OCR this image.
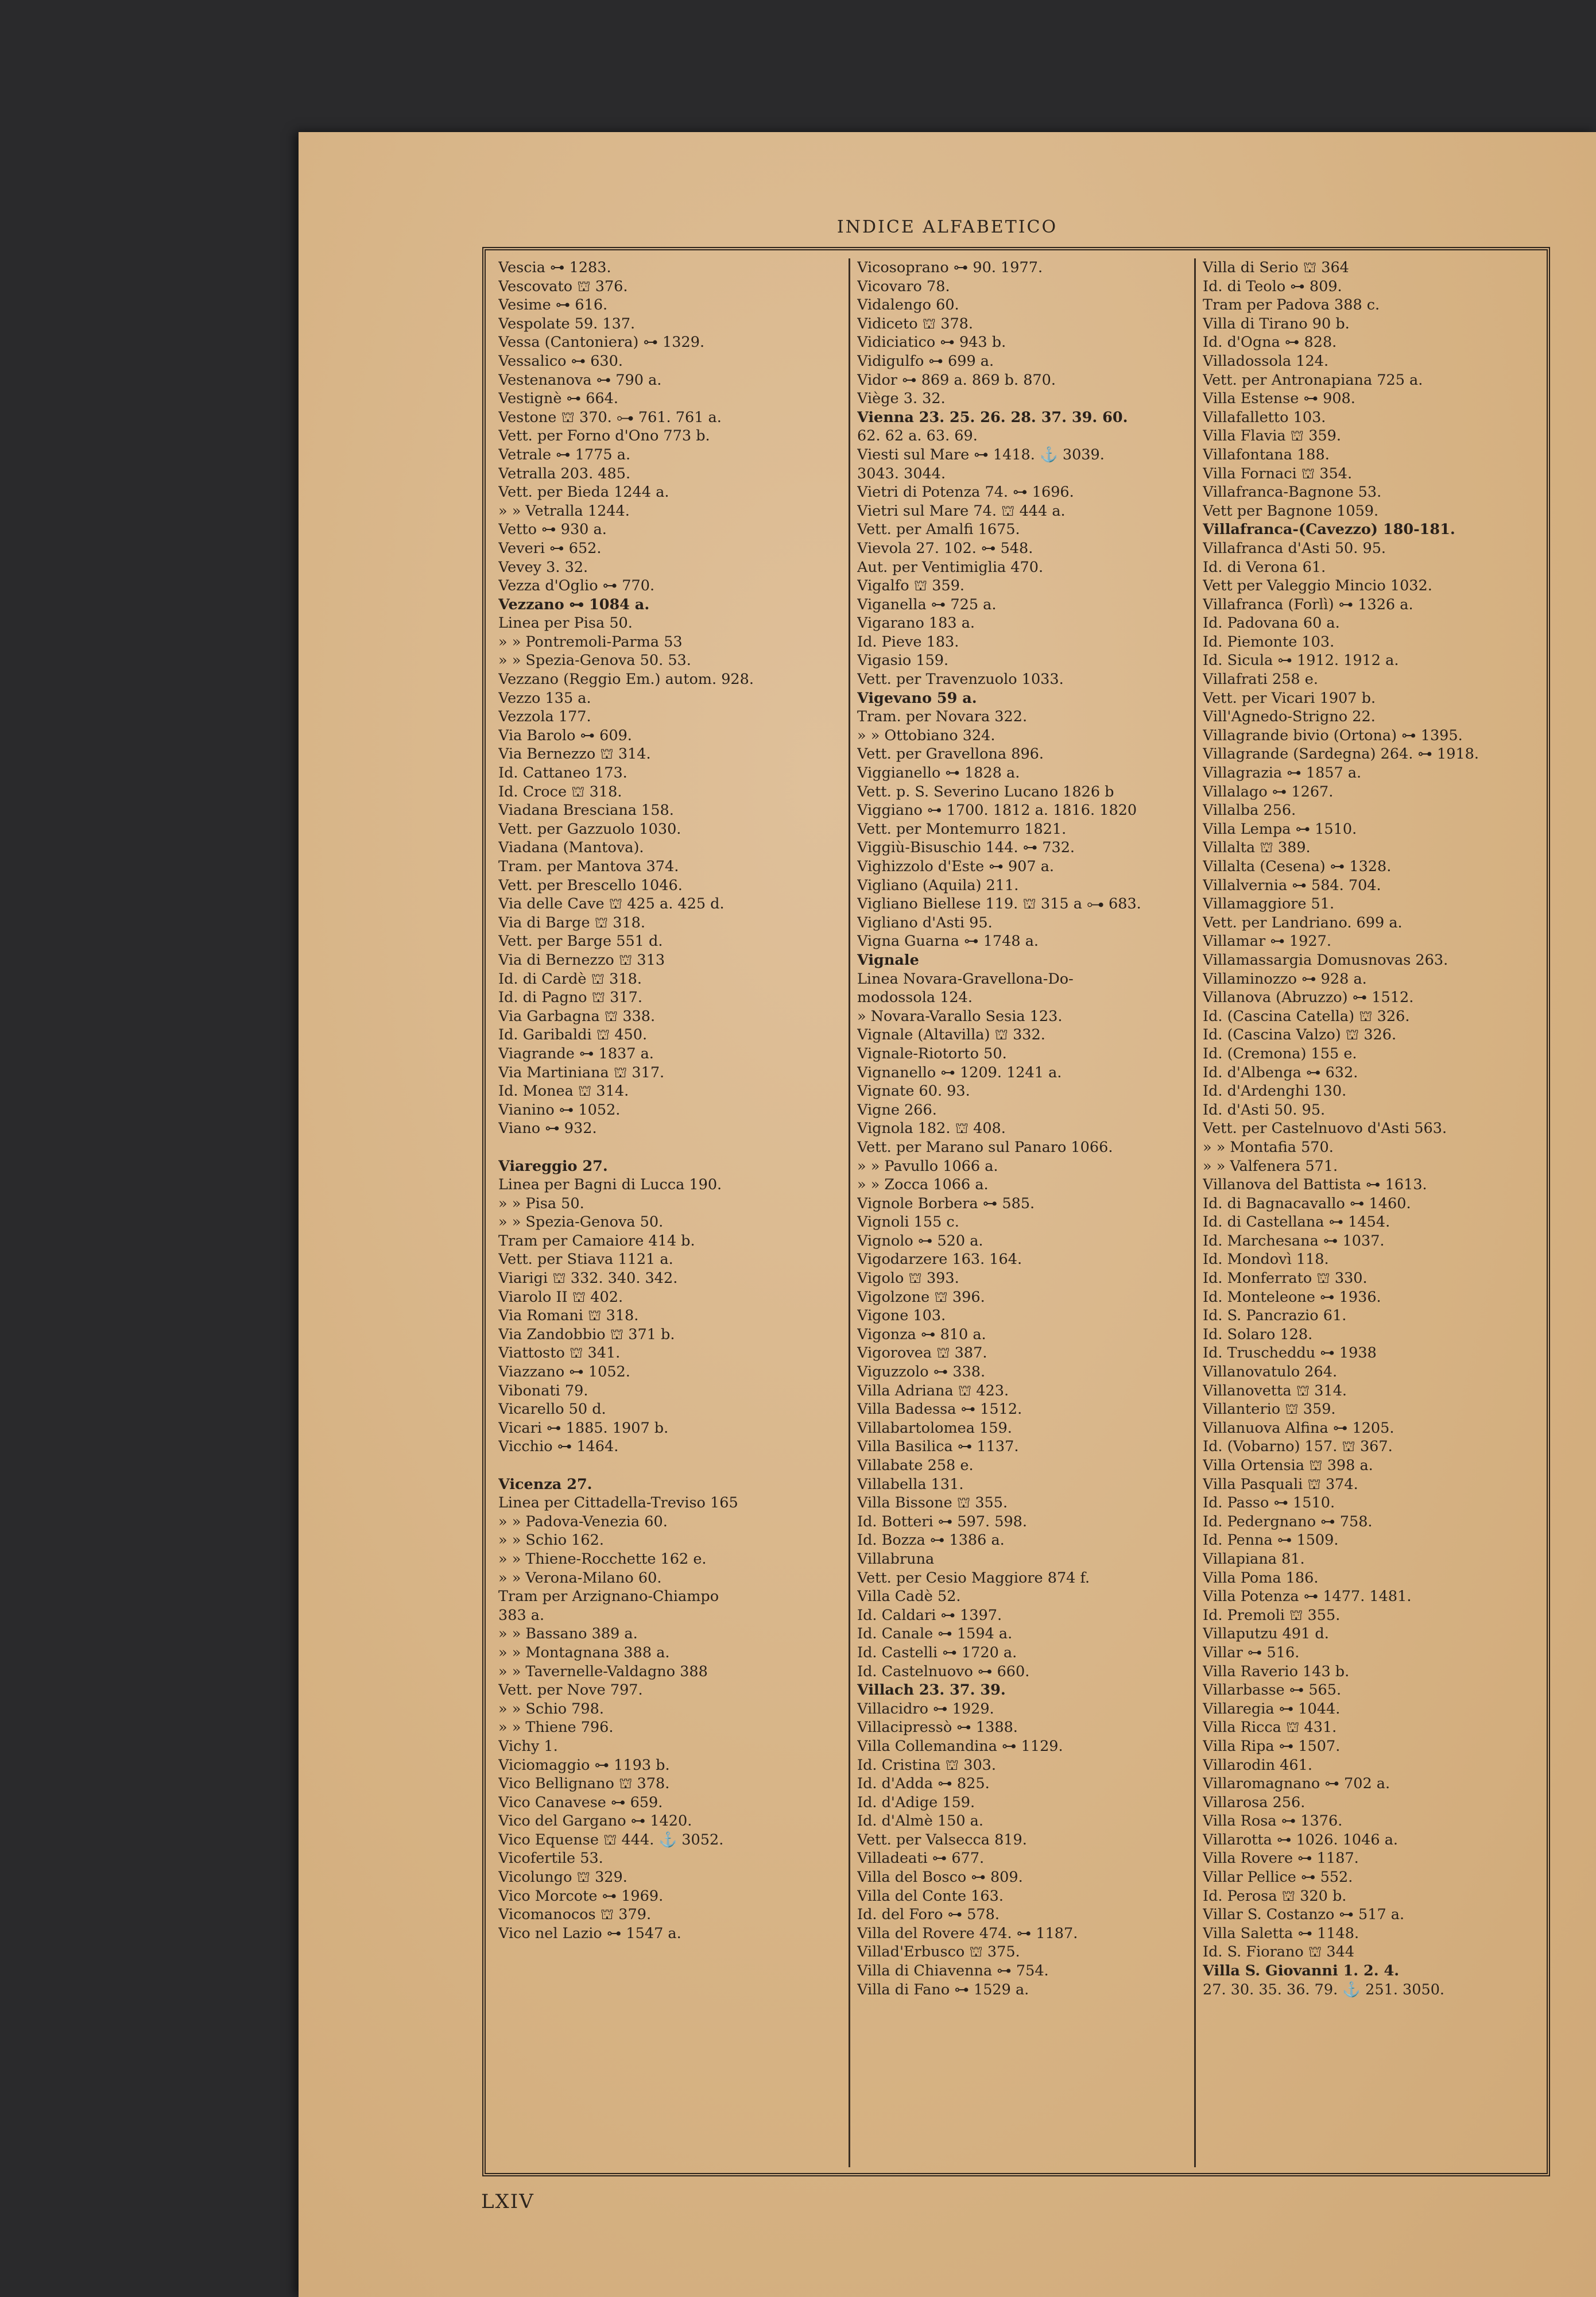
INDICE ALFABETICO
Vescia ⊶ 1283.
Vescovato ⛫ 376.
Vesime ⊶ 616.
Vespolate 59. 137.
Vessa (Cantoniera) ⊶ 1329.
Vessalico ⊶ 630.
Vestenanova ⊶ 790 a.
Vestignè ⊶ 664.
Vestone ⛫ 370. ⊶ 761. 761 a.
Vett. per Forno d'Ono 773 b.
Vetrale ⊶ 1775 a.
Vetralla 203. 485.
Vett. per Bieda 1244 a.
» » Vetralla 1244.
Vetto ⊶ 930 a.
Veveri ⊶ 652.
Vevey 3. 32.
Vezza d'Oglio ⊶ 770.
Vezzano ⊶ 1084 a.
Linea per Pisa 50.
» » Pontremoli-Parma 53
» » Spezia-Genova 50. 53.
Vezzano (Reggio Em.) autom. 928.
Vezzo 135 a.
Vezzola 177.
Via Barolo ⊶ 609.
Via Bernezzo ⛫ 314.
Id. Cattaneo 173.
Id. Croce ⛫ 318.
Viadana Bresciana 158.
Vett. per Gazzuolo 1030.
Viadana (Mantova).
Tram. per Mantova 374.
Vett. per Brescello 1046.
Via delle Cave ⛫ 425 a. 425 d.
Via di Barge ⛫ 318.
Vett. per Barge 551 d.
Via di Bernezzo ⛫ 313
Id. di Cardè ⛫ 318.
Id. di Pagno ⛫ 317.
Via Garbagna ⛫ 338.
Id. Garibaldi ⛫ 450.
Viagrande ⊶ 1837 a.
Via Martiniana ⛫ 317.
Id. Monea ⛫ 314.
Vianino ⊶ 1052.
Viano ⊶ 932.
Viareggio 27.
Linea per Bagni di Lucca 190.
» » Pisa 50.
» » Spezia-Genova 50.
Tram per Camaiore 414 b.
Vett. per Stiava 1121 a.
Viarigi ⛫ 332. 340. 342.
Viarolo II ⛫ 402.
Via Romani ⛫ 318.
Via Zandobbio ⛫ 371 b.
Viattosto ⛫ 341.
Viazzano ⊶ 1052.
Vibonati 79.
Vicarello 50 d.
Vicari ⊶ 1885. 1907 b.
Vicchio ⊶ 1464.
Vicenza 27.
Linea per Cittadella-Treviso 165
» » Padova-Venezia 60.
» » Schio 162.
» » Thiene-Rocchette 162 e.
» » Verona-Milano 60.
Tram per Arzignano-Chiampo
383 a.
» » Bassano 389 a.
» » Montagnana 388 a.
» » Tavernelle-Valdagno 388
Vett. per Nove 797.
» » Schio 798.
» » Thiene 796.
Vichy 1.
Viciomaggio ⊶ 1193 b.
Vico Bellignano ⛫ 378.
Vico Canavese ⊶ 659.
Vico del Gargano ⊶ 1420.
Vico Equense ⛫ 444. ⚓ 3052.
Vicofertile 53.
Vicolungo ⛫ 329.
Vico Morcote ⊶ 1969.
Vicomanocos ⛫ 379.
Vico nel Lazio ⊶ 1547 a.
Vicosoprano ⊶ 90. 1977.
Vicovaro 78.
Vidalengo 60.
Vidiceto ⛫ 378.
Vidiciatico ⊶ 943 b.
Vidigulfo ⊶ 699 a.
Vidor ⊶ 869 a. 869 b. 870.
Viège 3. 32.
Vienna 23. 25. 26. 28. 37. 39. 60.
62. 62 a. 63. 69.
Viesti sul Mare ⊶ 1418. ⚓ 3039.
3043. 3044.
Vietri di Potenza 74. ⊶ 1696.
Vietri sul Mare 74. ⛫ 444 a.
Vett. per Amalfi 1675.
Vievola 27. 102. ⊶ 548.
Aut. per Ventimiglia 470.
Vigalfo ⛫ 359.
Viganella ⊶ 725 a.
Vigarano 183 a.
Id. Pieve 183.
Vigasio 159.
Vett. per Travenzuolo 1033.
Vigevano 59 a.
Tram. per Novara 322.
» » Ottobiano 324.
Vett. per Gravellona 896.
Viggianello ⊶ 1828 a.
Vett. p. S. Severino Lucano 1826 b
Viggiano ⊶ 1700. 1812 a. 1816. 1820
Vett. per Montemurro 1821.
Viggiù-Bisuschio 144. ⊶ 732.
Vighizzolo d'Este ⊶ 907 a.
Vigliano (Aquila) 211.
Vigliano Biellese 119. ⛫ 315 a ⊶ 683.
Vigliano d'Asti 95.
Vigna Guarna ⊶ 1748 a.
Vignale
Linea Novara-Gravellona-Do-
modossola 124.
» Novara-Varallo Sesia 123.
Vignale (Altavilla) ⛫ 332.
Vignale-Riotorto 50.
Vignanello ⊶ 1209. 1241 a.
Vignate 60. 93.
Vigne 266.
Vignola 182. ⛫ 408.
Vett. per Marano sul Panaro 1066.
» » Pavullo 1066 a.
» » Zocca 1066 a.
Vignole Borbera ⊶ 585.
Vignoli 155 c.
Vignolo ⊶ 520 a.
Vigodarzere 163. 164.
Vigolo ⛫ 393.
Vigolzone ⛫ 396.
Vigone 103.
Vigonza ⊶ 810 a.
Vigorovea ⛫ 387.
Viguzzolo ⊶ 338.
Villa Adriana ⛫ 423.
Villa Badessa ⊶ 1512.
Villabartolomea 159.
Villa Basilica ⊶ 1137.
Villabate 258 e.
Villabella 131.
Villa Bissone ⛫ 355.
Id. Botteri ⊶ 597. 598.
Id. Bozza ⊶ 1386 a.
Villabruna
Vett. per Cesio Maggiore 874 f.
Villa Cadè 52.
Id. Caldari ⊶ 1397.
Id. Canale ⊶ 1594 a.
Id. Castelli ⊶ 1720 a.
Id. Castelnuovo ⊶ 660.
Villach 23. 37. 39.
Villacidro ⊶ 1929.
Villacipressò ⊶ 1388.
Villa Collemandina ⊶ 1129.
Id. Cristina ⛫ 303.
Id. d'Adda ⊶ 825.
Id. d'Adige 159.
Id. d'Almè 150 a.
Vett. per Valsecca 819.
Villadeati ⊶ 677.
Villa del Bosco ⊶ 809.
Villa del Conte 163.
Id. del Foro ⊶ 578.
Villa del Rovere 474. ⊶ 1187.
Villad'Erbusco ⛫ 375.
Villa di Chiavenna ⊶ 754.
Villa di Fano ⊶ 1529 a.
Villa di Serio ⛫ 364
Id. di Teolo ⊶ 809.
Tram per Padova 388 c.
Villa di Tirano 90 b.
Id. d'Ogna ⊶ 828.
Villadossola 124.
Vett. per Antronapiana 725 a.
Villa Estense ⊶ 908.
Villafalletto 103.
Villa Flavia ⛫ 359.
Villafontana 188.
Villa Fornaci ⛫ 354.
Villafranca-Bagnone 53.
Vett per Bagnone 1059.
Villafranca-(Cavezzo) 180-181.
Villafranca d'Asti 50. 95.
Id. di Verona 61.
Vett per Valeggio Mincio 1032.
Villafranca (Forlì) ⊶ 1326 a.
Id. Padovana 60 a.
Id. Piemonte 103.
Id. Sicula ⊶ 1912. 1912 a.
Villafrati 258 e.
Vett. per Vicari 1907 b.
Vill'Agnedo-Strigno 22.
Villagrande bivio (Ortona) ⊶ 1395.
Villagrande (Sardegna) 264. ⊶ 1918.
Villagrazia ⊶ 1857 a.
Villalago ⊶ 1267.
Villalba 256.
Villa Lempa ⊶ 1510.
Villalta ⛫ 389.
Villalta (Cesena) ⊶ 1328.
Villalvernia ⊶ 584. 704.
Villamaggiore 51.
Vett. per Landriano. 699 a.
Villamar ⊶ 1927.
Villamassargia Domusnovas 263.
Villaminozzo ⊶ 928 a.
Villanova (Abruzzo) ⊶ 1512.
Id. (Cascina Catella) ⛫ 326.
Id. (Cascina Valzo) ⛫ 326.
Id. (Cremona) 155 e.
Id. d'Albenga ⊶ 632.
Id. d'Ardenghi 130.
Id. d'Asti 50. 95.
Vett. per Castelnuovo d'Asti 563.
» » Montafia 570.
» » Valfenera 571.
Villanova del Battista ⊶ 1613.
Id. di Bagnacavallo ⊶ 1460.
Id. di Castellana ⊶ 1454.
Id. Marchesana ⊶ 1037.
Id. Mondovì 118.
Id. Monferrato ⛫ 330.
Id. Monteleone ⊶ 1936.
Id. S. Pancrazio 61.
Id. Solaro 128.
Id. Truscheddu ⊶ 1938
Villanovatulo 264.
Villanovetta ⛫ 314.
Villanterio ⛫ 359.
Villanuova Alfina ⊶ 1205.
Id. (Vobarno) 157. ⛫ 367.
Villa Ortensia ⛫ 398 a.
Villa Pasquali ⛫ 374.
Id. Passo ⊶ 1510.
Id. Pedergnano ⊶ 758.
Id. Penna ⊶ 1509.
Villapiana 81.
Villa Poma 186.
Villa Potenza ⊶ 1477. 1481.
Id. Premoli ⛫ 355.
Villaputzu 491 d.
Villar ⊶ 516.
Villa Raverio 143 b.
Villarbasse ⊶ 565.
Villaregia ⊶ 1044.
Villa Ricca ⛫ 431.
Villa Ripa ⊶ 1507.
Villarodin 461.
Villaromagnano ⊶ 702 a.
Villarosa 256.
Villa Rosa ⊶ 1376.
Villarotta ⊶ 1026. 1046 a.
Villa Rovere ⊶ 1187.
Villar Pellice ⊶ 552.
Id. Perosa ⛫ 320 b.
Villar S. Costanzo ⊶ 517 a.
Villa Saletta ⊶ 1148.
Id. S. Fiorano ⛫ 344
Villa S. Giovanni 1. 2. 4.
27. 30. 35. 36. 79. ⚓ 251. 3050.
LXIV
